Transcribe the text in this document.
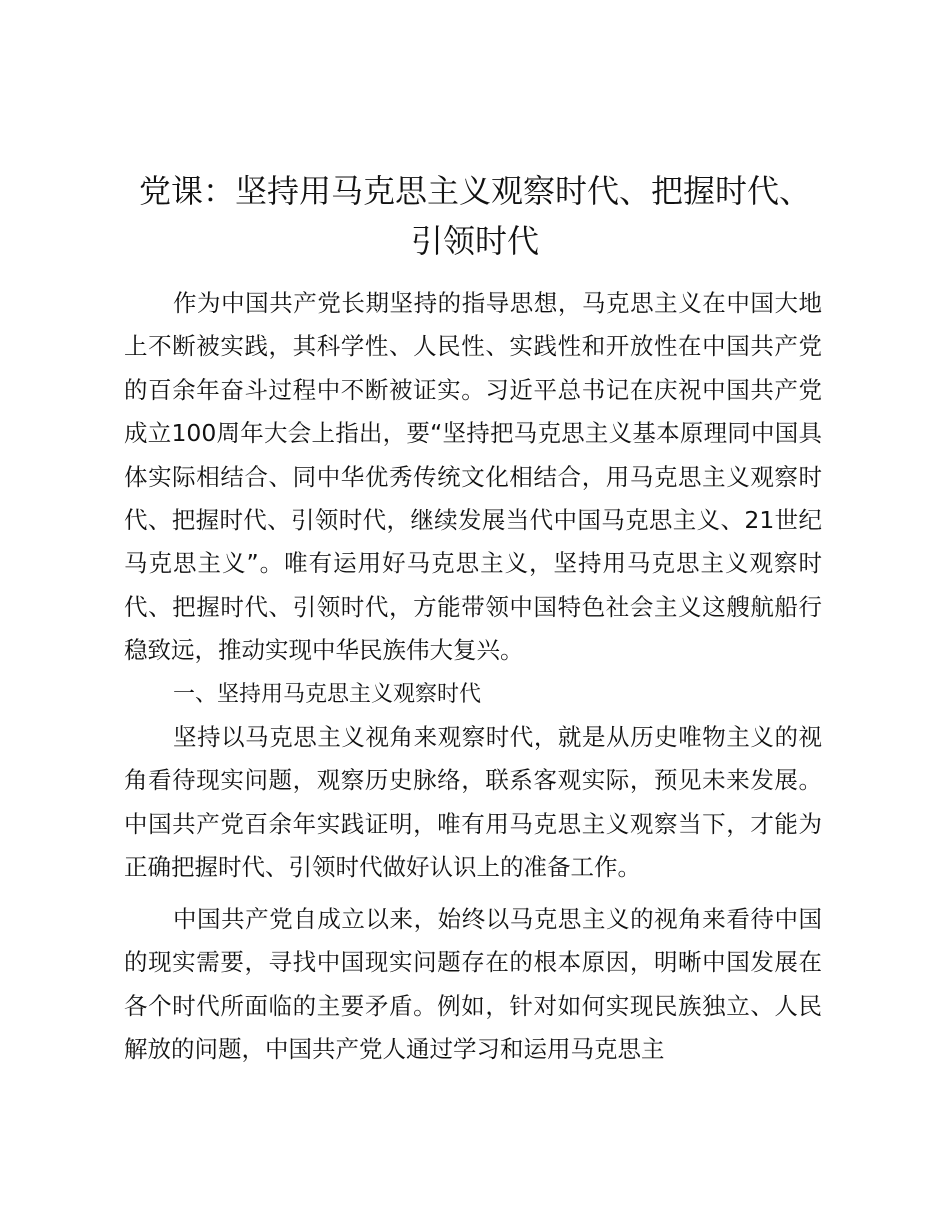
党课：坚持用马克思主义观察时代、把握时代、引领时代

作为中国共产党长期坚持的指导思想，马克思主义在中国大地上不断被实践，其科学性、人民性、实践性和开放性在中国共产党的百余年奋斗过程中不断被证实。习近平总书记在庆祝中国共产党成立100周年大会上指出，要“坚持把马克思主义基本原理同中国具体实际相结合、同中华优秀传统文化相结合，用马克思主义观察时代、把握时代、引领时代，继续发展当代中国马克思主义、21世纪马克思主义”。唯有运用好马克思主义，坚持用马克思主义观察时代、把握时代、引领时代，方能带领中国特色社会主义这艘航船行稳致远，推动实现中华民族伟大复兴。

一、坚持用马克思主义观察时代

坚持以马克思主义视角来观察时代，就是从历史唯物主义的视角看待现实问题，观察历史脉络，联系客观实际，预见未来发展。中国共产党百余年实践证明，唯有用马克思主义观察当下，才能为正确把握时代、引领时代做好认识上的准备工作。

中国共产党自成立以来，始终以马克思主义的视角来看待中国的现实需要，寻找中国现实问题存在的根本原因，明晰中国发展在各个时代所面临的主要矛盾。例如，针对如何实现民族独立、人民解放的问题，中国共产党人通过学习和运用马克思主
